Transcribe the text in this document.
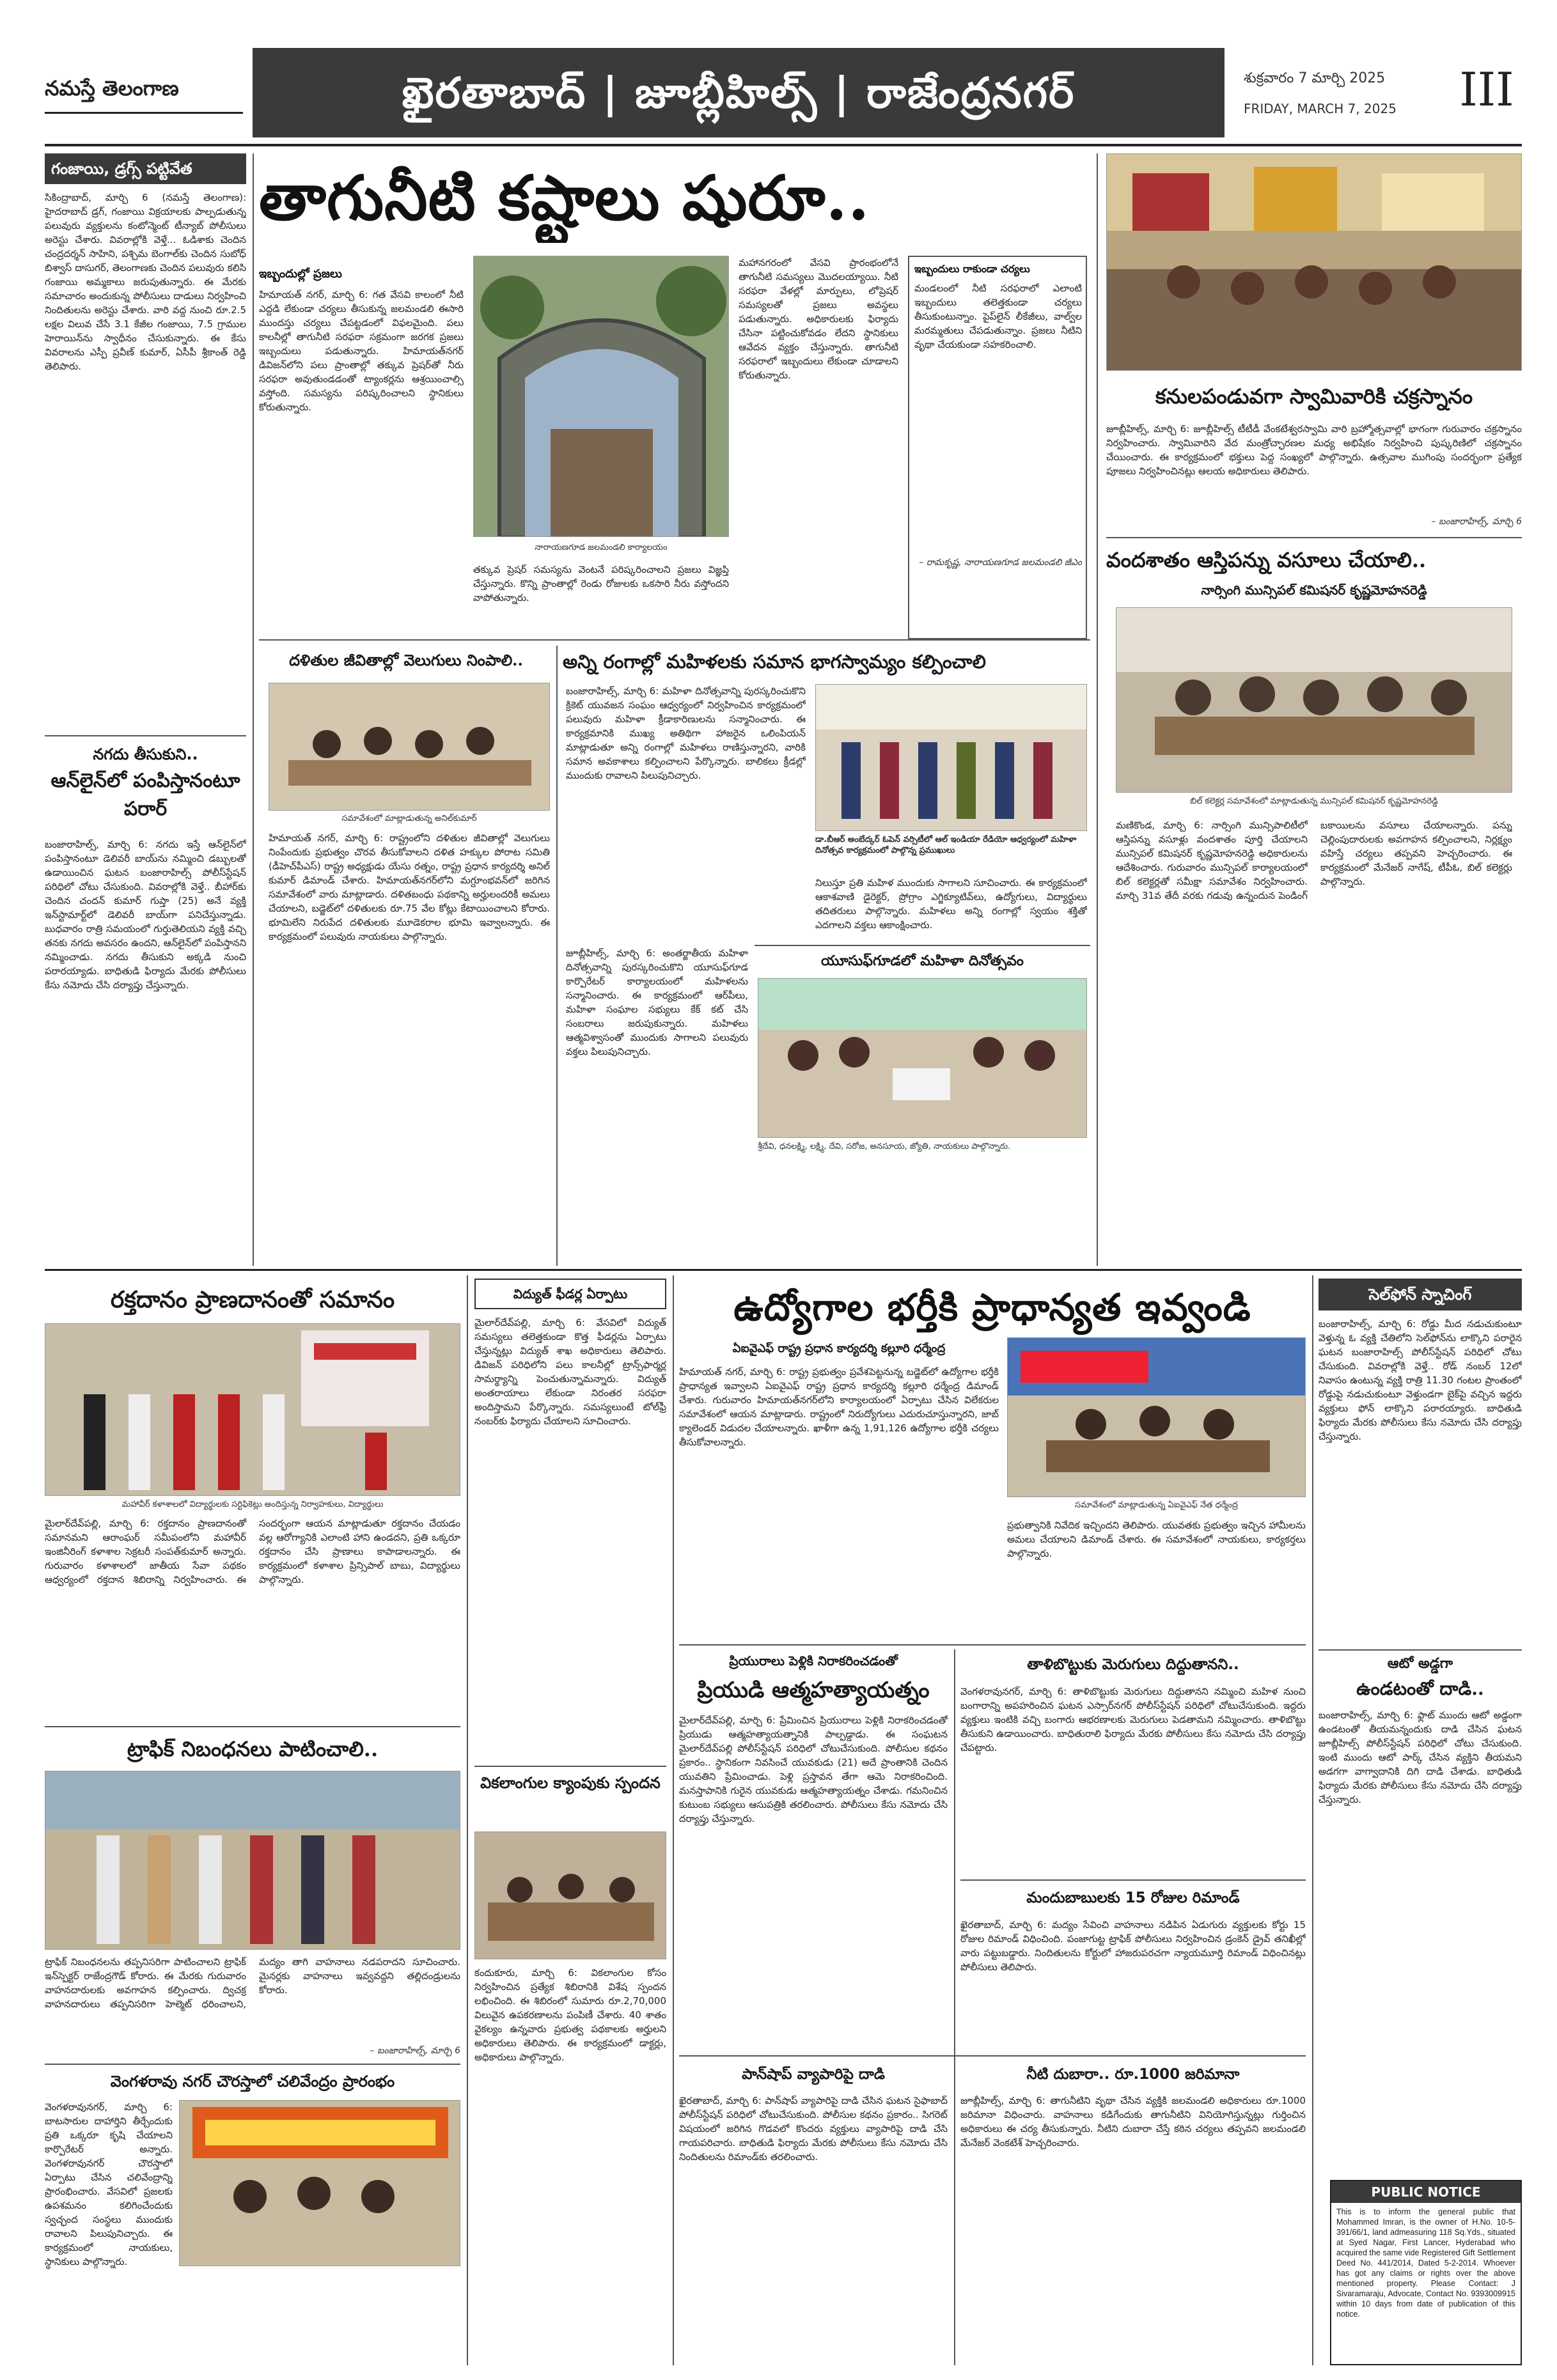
నమస్తే తెలంగాణ	ఖైరతాబాద్ | జూబ్లీహిల్స్ | రాజేంద్రనగర్	శుక్రవారం 7 మార్చి 2025
FRIDAY, MARCH 7, 2025	III
గంజాయి, డ్రగ్స్ పట్టివేత
సికింద్రాబాద్, మార్చి 6 (నమస్తే తెలంగాణ): హైదరాబాద్ డ్రగ్, గంజాయి విక్రయాలకు పాల్పడుతున్న పలువురు వ్యక్తులను కంటోన్మెంట్ టీన్యాబ్ పోలీసులు అరెస్టు చేశారు. వివరాల్లోకి వెళ్తే... ఓడిశాకు చెందిన చంద్రదర్శన్ సాహిని, పశ్చిమ బెంగాల్‌కు చెందిన సుబోధ్ బిశ్వాస్ దాసుగర్, తెలంగాణకు చెందిన పలువురు కలిసి గంజాయి అమ్మకాలు జరుపుతున్నారు. ఈ మేరకు సమాచారం అందుకున్న పోలీసులు దాడులు నిర్వహించి నిందితులను అరెస్టు చేశారు. వారి వద్ద నుంచి రూ.2.5 లక్షల విలువ చేసే 3.1 కేజీల గంజాయి, 7.5 గ్రాముల హెరాయిన్‌ను స్వాధీనం చేసుకున్నారు. ఈ కేసు వివరాలను ఎస్పీ ప్రవీణ్ కుమార్, ఏసీపీ శ్రీకాంత్ రెడ్డి తెలిపారు.
నగదు తీసుకుని..
ఆన్‌లైన్‌లో పంపిస్తానంటూ పరార్
బంజారాహిల్స్, మార్చి 6: నగదు ఇస్తే ఆన్‌లైన్‌లో పంపిస్తానంటూ డెలివరీ బాయ్‌ను నమ్మించి డబ్బులతో ఉడాయించిన ఘటన బంజారాహిల్స్ పోలీస్‌స్టేషన్ పరిధిలో చోటు చేసుకుంది. వివరాల్లోకి వెళ్తే.. బీహార్‌కు చెందిన చందన్ కుమార్ గుప్తా (25) అనే వ్యక్తి ఇన్‌స్టామార్ట్‌లో డెలివరీ బాయ్‌గా పనిచేస్తున్నాడు. బుధవారం రాత్రి సమయంలో గుర్తుతెలియని వ్యక్తి వచ్చి తనకు నగదు అవసరం ఉందని, ఆన్‌లైన్‌లో పంపిస్తానని నమ్మించాడు. నగదు తీసుకుని అక్కడి నుంచి పరారయ్యాడు. బాధితుడి ఫిర్యాదు మేరకు పోలీసులు కేసు నమోదు చేసి దర్యాప్తు చేస్తున్నారు.
తాగునీటి కష్టాలు షురూ..
ఇబ్బందుల్లో ప్రజలు
హిమాయత్ నగర్, మార్చి 6: గత వేసవి కాలంలో నీటి ఎద్దడి లేకుండా చర్యలు తీసుకున్న జలమండలి ఈసారి ముందస్తు చర్యలు చేపట్టడంలో విఫలమైంది. పలు కాలనీల్లో తాగునీటి సరఫరా సక్రమంగా జరగక ప్రజలు ఇబ్బందులు పడుతున్నారు. హిమాయత్‌నగర్ డివిజన్‌లోని పలు ప్రాంతాల్లో తక్కువ ప్రెషర్‌తో నీరు సరఫరా అవుతుండడంతో ట్యాంకర్లను ఆశ్రయించాల్సి వస్తోంది. సమస్యను పరిష్కరించాలని స్థానికులు కోరుతున్నారు.
నారాయణగూడ జలమండలి కార్యాలయం
తక్కువ ప్రెషర్ సమస్యను వెంటనే పరిష్కరించాలని ప్రజలు విజ్ఞప్తి చేస్తున్నారు. కొన్ని ప్రాంతాల్లో రెండు రోజులకు ఒకసారి నీరు వస్తోందని వాపోతున్నారు.
మహానగరంలో వేసవి ప్రారంభంలోనే తాగునీటి సమస్యలు మొదలయ్యాయి. నీటి సరఫరా వేళల్లో మార్పులు, లోప్రెషర్ సమస్యలతో ప్రజలు అవస్థలు పడుతున్నారు. అధికారులకు ఫిర్యాదు చేసినా పట్టించుకోవడం లేదని స్థానికులు ఆవేదన వ్యక్తం చేస్తున్నారు. తాగునీటి సరఫరాలో ఇబ్బందులు లేకుండా చూడాలని కోరుతున్నారు.
ఇబ్బందులు రాకుండా చర్యలు
మండలంలో నీటి సరఫరాలో ఎలాంటి ఇబ్బందులు తలెత్తకుండా చర్యలు తీసుకుంటున్నాం. పైప్‌లైన్ లీకేజీలు, వాల్వ్‌ల మరమ్మతులు చేపడుతున్నాం. ప్రజలు నీటిని వృథా చేయకుండా సహకరించాలి.
– రామకృష్ణ, నారాయణగూడ జలమండలి జీఎం
కనులపండువగా స్వామివారికి చక్రస్నానం
జూబ్లీహిల్స్, మార్చి 6: జూబ్లీహిల్స్ టీటీడీ వేంకటేశ్వరస్వామి వారి బ్రహ్మోత్సవాల్లో భాగంగా గురువారం చక్రస్నానం నిర్వహించారు. స్వామివారిని వేద మంత్రోచ్ఛారణల మధ్య అభిషేకం నిర్వహించి పుష్కరిణిలో చక్రస్నానం చేయించారు. ఈ కార్యక్రమంలో భక్తులు పెద్ద సంఖ్యలో పాల్గొన్నారు. ఉత్సవాల ముగింపు సందర్భంగా ప్రత్యేక పూజలు నిర్వహించినట్లు ఆలయ అధికారులు తెలిపారు.
– బంజారాహిల్స్, మార్చి 6
వందశాతం ఆస్తిపన్ను వసూలు చేయాలి..
నార్సింగి మున్సిపల్ కమిషనర్ కృష్ణమోహనరెడ్డి
బిల్ కలెక్టర్ల సమావేశంలో మాట్లాడుతున్న మున్సిపల్ కమిషనర్ కృష్ణమోహనరెడ్డి
మణికొండ, మార్చి 6: నార్సింగి మున్సిపాలిటీలో ఆస్తిపన్ను వసూళ్లు వందశాతం పూర్తి చేయాలని మున్సిపల్ కమిషనర్ కృష్ణమోహనరెడ్డి అధికారులను ఆదేశించారు. గురువారం మున్సిపల్ కార్యాలయంలో బిల్ కలెక్టర్లతో సమీక్షా సమావేశం నిర్వహించారు. మార్చి 31వ తేదీ వరకు గడువు ఉన్నందున పెండింగ్ బకాయిలను వసూలు చేయాలన్నారు. పన్ను చెల్లింపుదారులకు అవగాహన కల్పించాలని, నిర్లక్ష్యం వహిస్తే చర్యలు తప్పవని హెచ్చరించారు. ఈ కార్యక్రమంలో మేనేజర్ నాగేష్, టీపీఓ, బిల్ కలెక్టర్లు పాల్గొన్నారు.
దళితుల జీవితాల్లో వెలుగులు నింపాలి..
సమావేశంలో మాట్లాడుతున్న అనిల్‌కుమార్
హిమాయత్ నగర్, మార్చి 6: రాష్ట్రంలోని దళితుల జీవితాల్లో వెలుగులు నింపేందుకు ప్రభుత్వం చొరవ తీసుకోవాలని దళిత హక్కుల పోరాట సమితి (డీహెచ్‌పీఎస్) రాష్ట్ర అధ్యక్షుడు యేసు రత్నం, రాష్ట్ర ప్రధాన కార్యదర్శి అనిల్ కుమార్ డిమాండ్ చేశారు. హిమాయత్‌నగర్‌లోని మగ్దూంభవన్‌లో జరిగిన సమావేశంలో వారు మాట్లాడారు. దళితబంధు పథకాన్ని అర్హులందరికీ అమలు చేయాలని, బడ్జెట్‌లో దళితులకు రూ.75 వేల కోట్లు కేటాయించాలని కోరారు. భూమిలేని నిరుపేద దళితులకు మూడెకరాల భూమి ఇవ్వాలన్నారు. ఈ కార్యక్రమంలో పలువురు నాయకులు పాల్గొన్నారు.
అన్ని రంగాల్లో మహిళలకు సమాన భాగస్వామ్యం కల్పించాలి
బంజారాహిల్స్, మార్చి 6: మహిళా దినోత్సవాన్ని పురస్కరించుకొని క్రికెట్ యువజన సంఘం ఆధ్వర్యంలో నిర్వహించిన కార్యక్రమంలో పలువురు మహిళా క్రీడాకారిణులను సన్మానించారు. ఈ కార్యక్రమానికి ముఖ్య అతిథిగా హాజరైన ఒలింపియన్ మాట్లాడుతూ అన్ని రంగాల్లో మహిళలు రాణిస్తున్నారని, వారికి సమాన అవకాశాలు కల్పించాలని పేర్కొన్నారు. బాలికలు క్రీడల్లో ముందుకు రావాలని పిలుపునిచ్చారు.
డా.బీఆర్ అంబేద్కర్ ఓపెన్ వర్సిటీలో ఆల్ ఇండియా రేడియో ఆధ్వర్యంలో మహిళా దినోత్సవ కార్యక్రమంలో పాల్గొన్న ప్రముఖులు
నిలుస్తూ ప్రతి మహిళ ముందుకు సాగాలని సూచించారు. ఈ కార్యక్రమంలో ఆకాశవాణి డైరెక్టర్, ప్రోగ్రాం ఎగ్జిక్యూటివ్‌లు, ఉద్యోగులు, విద్యార్థులు తదితరులు పాల్గొన్నారు. మహిళలు అన్ని రంగాల్లో స్వయం శక్తితో ఎదగాలని వక్తలు ఆకాంక్షించారు.
యూసుఫ్‌గూడలో మహిళా దినోత్సవం
జూబ్లీహిల్స్, మార్చి 6: అంతర్జాతీయ మహిళా దినోత్సవాన్ని పురస్కరించుకొని యూసుఫ్‌గూడ కార్పొరేటర్ కార్యాలయంలో మహిళలను సన్మానించారు. ఈ కార్యక్రమంలో ఆర్‌పీలు, మహిళా సంఘాల సభ్యులు కేక్ కట్ చేసి సంబరాలు జరుపుకున్నారు. మహిళలు ఆత్మవిశ్వాసంతో ముందుకు సాగాలని పలువురు వక్తలు పిలుపునిచ్చారు.
శ్రీదేవి, ధనలక్ష్మి, లక్ష్మి, దేవి, సరోజ, అనసూయ, జ్యోతి, నాయకులు పాల్గొన్నారు.
రక్తదానం ప్రాణదానంతో సమానం
మహావీర్ కళాశాలలో విద్యార్థులకు సర్టిఫికెట్లు అందిస్తున్న నిర్వాహకులు, విద్యార్థులు
మైలార్‌దేవ్‌పల్లి, మార్చి 6: రక్తదానం ప్రాణదానంతో సమానమని ఆరాంఘర్ సమీపంలోని మహావీర్ ఇంజినీరింగ్ కళాశాల సెక్రటరీ సంపత్‌కుమార్ అన్నారు. గురువారం కళాశాలలో జాతీయ సేవా పథకం ఆధ్వర్యంలో రక్తదాన శిబిరాన్ని నిర్వహించారు. ఈ సందర్భంగా ఆయన మాట్లాడుతూ రక్తదానం చేయడం వల్ల ఆరోగ్యానికి ఎలాంటి హాని ఉండదని, ప్రతి ఒక్కరూ రక్తదానం చేసి ప్రాణాలు కాపాడాలన్నారు. ఈ కార్యక్రమంలో కళాశాల ప్రిన్సిపాల్ బాబు, విద్యార్థులు పాల్గొన్నారు.
ట్రాఫిక్ నిబంధనలు పాటించాలి..
ట్రాఫిక్ నిబంధనలను తప్పనిసరిగా పాటించాలని ట్రాఫిక్ ఇన్‌స్పెక్టర్ రాజేంద్రగౌడ్ కోరారు. ఈ మేరకు గురువారం వాహనదారులకు అవగాహన కల్పించారు. ద్విచక్ర వాహనదారులు తప్పనిసరిగా హెల్మెట్ ధరించాలని, మద్యం తాగి వాహనాలు నడపరాదని సూచించారు. మైనర్లకు వాహనాలు ఇవ్వవద్దని తల్లిదండ్రులను కోరారు.
– బంజారాహిల్స్, మార్చి 6
వెంగళరావు నగర్ చౌరస్తాలో చలివేంద్రం ప్రారంభం
వెంగళరావునగర్, మార్చి 6: బాటసారుల దాహార్తిని తీర్చేందుకు ప్రతి ఒక్కరూ కృషి చేయాలని కార్పొరేటర్ అన్నారు. వెంగళరావునగర్ చౌరస్తాలో ఏర్పాటు చేసిన చలివేంద్రాన్ని ప్రారంభించారు. వేసవిలో ప్రజలకు ఉపశమనం కలిగించేందుకు స్వచ్ఛంద సంస్థలు ముందుకు రావాలని పిలుపునిచ్చారు. ఈ కార్యక్రమంలో నాయకులు, స్థానికులు పాల్గొన్నారు.
విద్యుత్ ఫీడర్ల ఏర్పాటు
మైలార్‌దేవ్‌పల్లి, మార్చి 6: వేసవిలో విద్యుత్ సమస్యలు తలెత్తకుండా కొత్త ఫీడర్లను ఏర్పాటు చేస్తున్నట్లు విద్యుత్ శాఖ అధికారులు తెలిపారు. డివిజన్ పరిధిలోని పలు కాలనీల్లో ట్రాన్స్‌ఫార్మర్ల సామర్థ్యాన్ని పెంచుతున్నామన్నారు. విద్యుత్ అంతరాయాలు లేకుండా నిరంతర సరఫరా అందిస్తామని పేర్కొన్నారు. సమస్యలుంటే టోల్‌ఫ్రీ నంబర్‌కు ఫిర్యాదు చేయాలని సూచించారు.
వికలాంగుల క్యాంపుకు స్పందన
కందుకూరు, మార్చి 6: వికలాంగుల కోసం నిర్వహించిన ప్రత్యేక శిబిరానికి విశేష స్పందన లభించింది. ఈ శిబిరంలో సుమారు రూ.2,70,000 విలువైన ఉపకరణాలను పంపిణీ చేశారు. 40 శాతం వైకల్యం ఉన్నవారు ప్రభుత్వ పథకాలకు అర్హులని అధికారులు తెలిపారు. ఈ కార్యక్రమంలో డాక్టర్లు, అధికారులు పాల్గొన్నారు.
ఉద్యోగాల భర్తీకి ప్రాధాన్యత ఇవ్వండి
ఏఐవైఎఫ్ రాష్ట్ర ప్రధాన కార్యదర్శి కల్లూరి ధర్మేంద్ర
హిమాయత్ నగర్, మార్చి 6: రాష్ట్ర ప్రభుత్వం ప్రవేశపెట్టనున్న బడ్జెట్‌లో ఉద్యోగాల భర్తీకి ప్రాధాన్యత ఇవ్వాలని ఏఐవైఎఫ్ రాష్ట్ర ప్రధాన కార్యదర్శి కల్లూరి ధర్మేంద్ర డిమాండ్ చేశారు. గురువారం హిమాయత్‌నగర్‌లోని కార్యాలయంలో ఏర్పాటు చేసిన విలేకరుల సమావేశంలో ఆయన మాట్లాడారు. రాష్ట్రంలో నిరుద్యోగులు ఎదురుచూస్తున్నారని, జాబ్ క్యాలెండర్ విడుదల చేయాలన్నారు. ఖాళీగా ఉన్న 1,91,126 ఉద్యోగాల భర్తీకి చర్యలు తీసుకోవాలన్నారు.
సమావేశంలో మాట్లాడుతున్న ఏఐవైఎఫ్ నేత ధర్మేంద్ర
ప్రభుత్వానికి నివేదిక ఇచ్చిందని తెలిపారు. యువతకు ప్రభుత్వం ఇచ్చిన హామీలను అమలు చేయాలని డిమాండ్ చేశారు. ఈ సమావేశంలో నాయకులు, కార్యకర్తలు పాల్గొన్నారు.
ప్రియురాలు పెళ్లికి నిరాకరించడంతో
ప్రియుడి ఆత్మహత్యాయత్నం
మైలార్‌దేవ్‌పల్లి, మార్చి 6: ప్రేమించిన ప్రియురాలు పెళ్లికి నిరాకరించడంతో ప్రియుడు ఆత్మహత్యాయత్నానికి పాల్పడ్డాడు. ఈ సంఘటన మైలార్‌దేవ్‌పల్లి పోలీస్‌స్టేషన్ పరిధిలో చోటుచేసుకుంది. పోలీసుల కథనం ప్రకారం.. స్థానికంగా నివసించే యువకుడు (21) అదే ప్రాంతానికి చెందిన యువతిని ప్రేమించాడు. పెళ్లి ప్రస్తావన తేగా ఆమె నిరాకరించింది. మనస్తాపానికి గురైన యువకుడు ఆత్మహత్యాయత్నం చేశాడు. గమనించిన కుటుంబ సభ్యులు ఆసుపత్రికి తరలించారు. పోలీసులు కేసు నమోదు చేసి దర్యాప్తు చేస్తున్నారు.
తాళిబొట్టుకు మెరుగులు దిద్దుతానని..
వెంగళరావునగర్, మార్చి 6: తాళిబొట్టుకు మెరుగులు దిద్దుతానని నమ్మించి మహిళ నుంచి బంగారాన్ని అపహరించిన ఘటన ఎస్సార్‌నగర్ పోలీస్‌స్టేషన్ పరిధిలో చోటుచేసుకుంది. ఇద్దరు వ్యక్తులు ఇంటికి వచ్చి బంగారు ఆభరణాలకు మెరుగులు పెడతామని నమ్మించారు. తాళిబొట్టు తీసుకుని ఉడాయించారు. బాధితురాలి ఫిర్యాదు మేరకు పోలీసులు కేసు నమోదు చేసి దర్యాప్తు చేపట్టారు.
మందుబాబులకు 15 రోజుల రిమాండ్
ఖైరతాబాద్, మార్చి 6: మద్యం సేవించి వాహనాలు నడిపిన ఏడుగురు వ్యక్తులకు కోర్టు 15 రోజుల రిమాండ్ విధించింది. పంజాగుట్ట ట్రాఫిక్ పోలీసులు నిర్వహించిన డ్రంకెన్ డ్రైవ్ తనిఖీల్లో వారు పట్టుబడ్డారు. నిందితులను కోర్టులో హాజరుపరచగా న్యాయమూర్తి రిమాండ్ విధించినట్లు పోలీసులు తెలిపారు.
పాన్‌షాప్ వ్యాపారిపై దాడి
ఖైరతాబాద్, మార్చి 6: పాన్‌షాప్ వ్యాపారిపై దాడి చేసిన ఘటన సైఫాబాద్ పోలీస్‌స్టేషన్ పరిధిలో చోటుచేసుకుంది. పోలీసుల కథనం ప్రకారం.. సిగరెట్ విషయంలో జరిగిన గొడవలో కొందరు వ్యక్తులు వ్యాపారిపై దాడి చేసి గాయపరిచారు. బాధితుడి ఫిర్యాదు మేరకు పోలీసులు కేసు నమోదు చేసి నిందితులను రిమాండ్‌కు తరలించారు.
నీటి దుబారా.. రూ.1000 జరిమానా
జూబ్లీహిల్స్, మార్చి 6: తాగునీటిని వృథా చేసిన వ్యక్తికి జలమండలి అధికారులు రూ.1000 జరిమానా విధించారు. వాహనాలు కడిగేందుకు తాగునీటిని వినియోగిస్తున్నట్లు గుర్తించిన అధికారులు ఈ చర్య తీసుకున్నారు. నీటిని దుబారా చేస్తే కఠిన చర్యలు తప్పవని జలమండలి మేనేజర్ వెంకటేశ్ హెచ్చరించారు.
సెల్‌ఫోన్ స్నాచింగ్
బంజారాహిల్స్, మార్చి 6: రోడ్డు మీద నడుచుకుంటూ వెళ్తున్న ఓ వ్యక్తి చేతిలోని సెల్‌ఫోన్‌ను లాక్కొని పరారైన ఘటన బంజారాహిల్స్ పోలీస్‌స్టేషన్ పరిధిలో చోటు చేసుకుంది. వివరాల్లోకి వెళ్తే.. రోడ్ నంబర్ 12లో నివాసం ఉంటున్న వ్యక్తి రాత్రి 11.30 గంటల ప్రాంతంలో రోడ్డుపై నడుచుకుంటూ వెళ్తుండగా బైక్‌పై వచ్చిన ఇద్దరు వ్యక్తులు ఫోన్ లాక్కొని పరారయ్యారు. బాధితుడి ఫిర్యాదు మేరకు పోలీసులు కేసు నమోదు చేసి దర్యాప్తు చేస్తున్నారు.
ఆటో అడ్డగా
ఉండటంతో దాడి..
బంజారాహిల్స్, మార్చి 6: ఫ్లాట్ ముందు ఆటో అడ్డంగా ఉండటంతో తీయమన్నందుకు దాడి చేసిన ఘటన జూబ్లీహిల్స్ పోలీస్‌స్టేషన్ పరిధిలో చోటు చేసుకుంది. ఇంటి ముందు ఆటో పార్క్ చేసిన వ్యక్తిని తీయమని అడగగా వాగ్వాదానికి దిగి దాడి చేశాడు. బాధితుడి ఫిర్యాదు మేరకు పోలీసులు కేసు నమోదు చేసి దర్యాప్తు చేస్తున్నారు.
PUBLIC NOTICE
This is to inform the general public that Mohammed Imran, is the owner of H.No. 10-5-391/66/1, land admeasuring 118 Sq.Yds., situated at Syed Nagar, First Lancer, Hyderabad who acquired the same vide Registered Gift Settlement Deed No. 441/2014, Dated 5-2-2014. Whoever has got any claims or rights over the above mentioned property. Please Contact: J Sivaramaraju, Advocate, Contact No. 9393009915 within 10 days from date of publication of this notice.
